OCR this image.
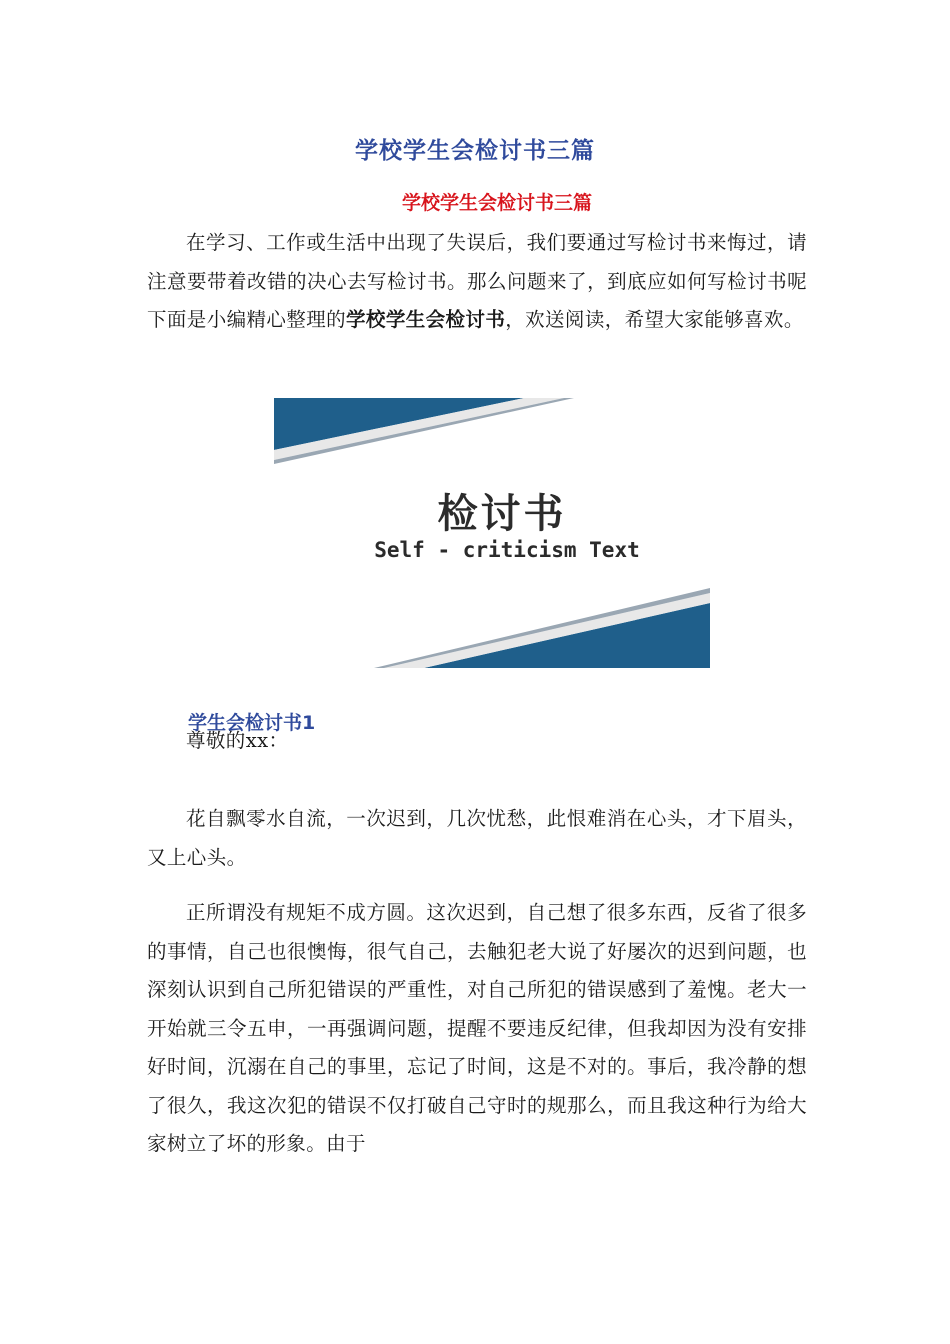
学校学生会检讨书三篇
学校学生会检讨书三篇

在学习、工作或生活中出现了失误后，我们要通过写检讨书来悔过，请注意要带着改错的决心去写检讨书。那么问题来了，到底应如何写检讨书呢下面是小编精心整理的学校学生会检讨书，欢送阅读，希望大家能够喜欢。

检讨书
Self - criticism Text
学生会检讨书1

尊敬的xx：

花自飘零水自流，一次迟到，几次忧愁，此恨难消在心头，才下眉头，又上心头。

正所谓没有规矩不成方圆。这次迟到，自己想了很多东西，反省了很多的事情，自己也很懊悔，很气自己，去触犯老大说了好屡次的迟到问题，也深刻认识到自己所犯错误的严重性，对自己所犯的错误感到了羞愧。老大一开始就三令五申，一再强调问题，提醒不要违反纪律，但我却因为没有安排好时间，沉溺在自己的事里，忘记了时间，这是不对的。事后，我冷静的想了很久，我这次犯的错误不仅打破自己守时的规那么，而且我这种行为给大家树立了坏的形象。由于
